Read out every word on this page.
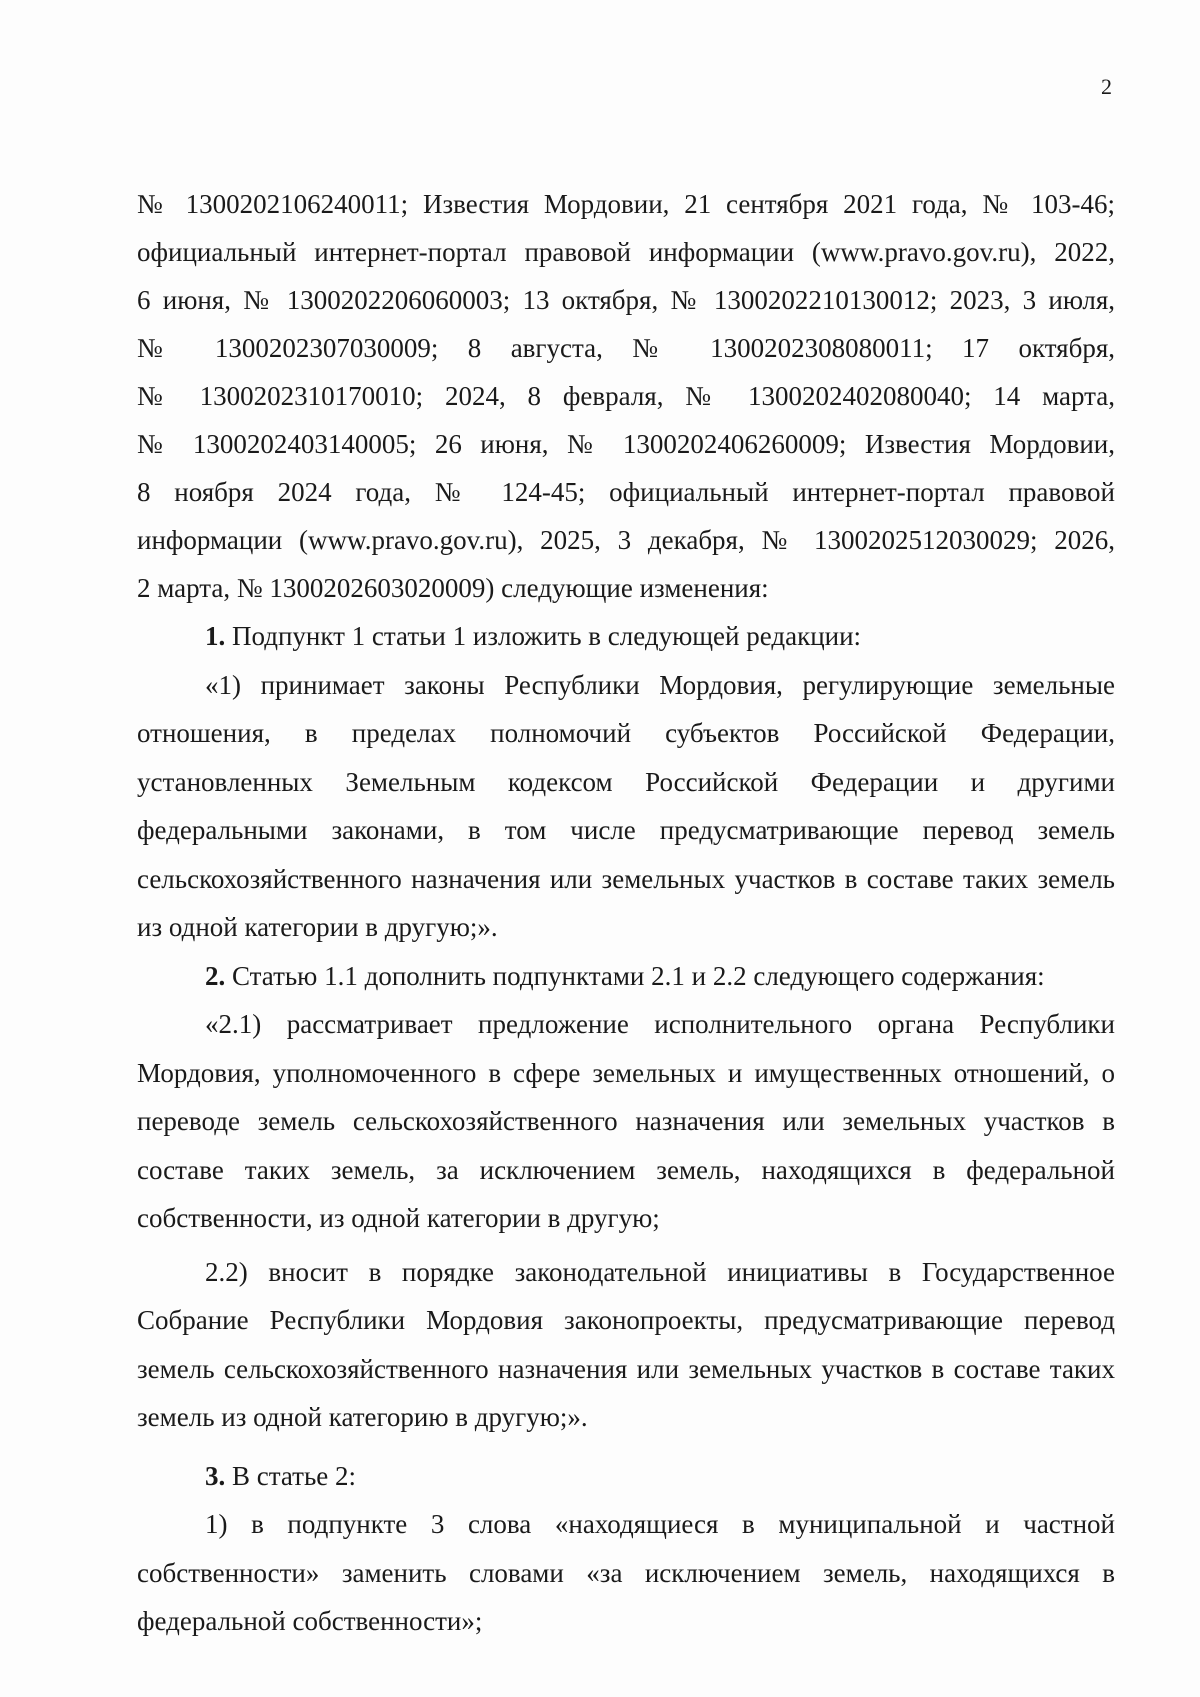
2
№ 1300202106240011; Известия Мордовии, 21 сентября 2021 года, № 103-46;
официальный интернет-портал правовой информации (www.pravo.gov.ru), 2022,
6 июня, № 1300202206060003; 13 октября, № 1300202210130012; 2023, 3 июля,
№ 1300202307030009; 8 августа, № 1300202308080011; 17 октября,
№ 1300202310170010; 2024, 8 февраля, № 1300202402080040; 14 марта,
№ 1300202403140005; 26 июня, № 1300202406260009; Известия Мордовии,
8 ноября 2024 года, № 124-45; официальный интернет-портал правовой
информации (www.pravo.gov.ru), 2025, 3 декабря, № 1300202512030029; 2026,
2 марта, № 1300202603020009) следующие изменения:

1. Подпункт 1 статьи 1 изложить в следующей редакции:

«1) принимает законы Республики Мордовия, регулирующие земельные отношения, в пределах полномочий субъектов Российской Федерации, установленных Земельным кодексом Российской Федерации и другими федеральными законами, в том числе предусматривающие перевод земель сельскохозяйственного назначения или земельных участков в составе таких земель из одной категории в другую;».

2. Статью 1.1 дополнить подпунктами 2.1 и 2.2 следующего содержания:

«2.1) рассматривает предложение исполнительного органа Республики Мордовия, уполномоченного в сфере земельных и имущественных отношений, о переводе земель сельскохозяйственного назначения или земельных участков в составе таких земель, за исключением земель, находящихся в федеральной собственности, из одной категории в другую;

2.2) вносит в порядке законодательной инициативы в Государственное Собрание Республики Мордовия законопроекты, предусматривающие перевод земель сельскохозяйственного назначения или земельных участков в составе таких земель из одной категорию в другую;».

3. В статье 2:

1) в подпункте 3 слова «находящиеся в муниципальной и частной собственности» заменить словами «за исключением земель, находящихся в федеральной собственности»;
